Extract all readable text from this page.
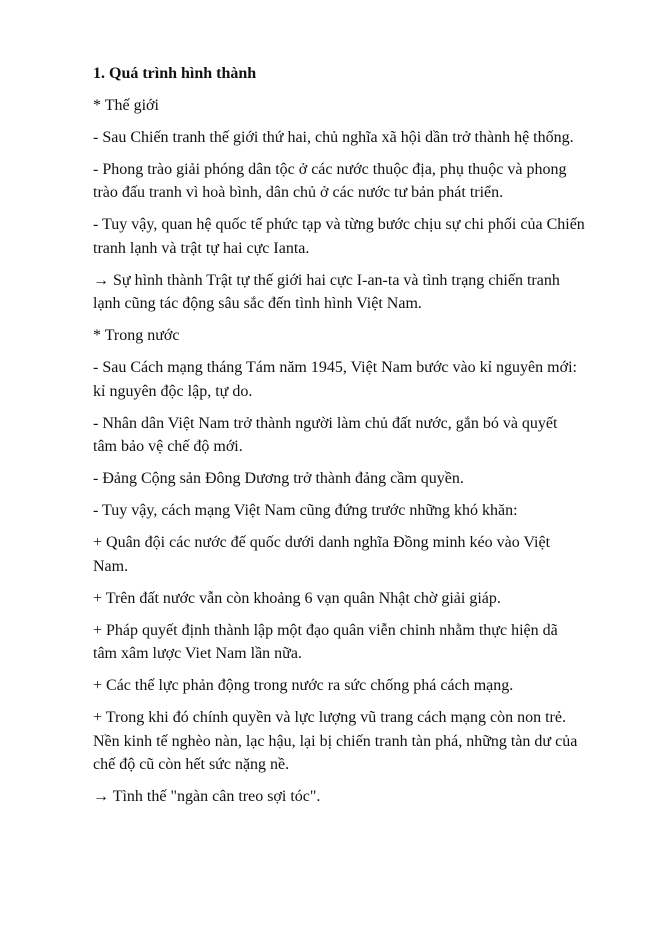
1. Quá trình hình thành
* Thế giới
- Sau Chiến tranh thế giới thứ hai, chủ nghĩa xã hội dần trở thành hệ thống.
- Phong trào giải phóng dân tộc ở các nước thuộc địa, phụ thuộc và phong trào đấu tranh vì hoà bình, dân chủ ở các nước tư bản phát triển.
- Tuy vậy, quan hệ quốc tế phức tạp và từng bước chịu sự chi phối của Chiến tranh lạnh và trật tự hai cực Ianta.
→ Sự hình thành Trật tự thế giới hai cực I-an-ta và tình trạng chiến tranh lạnh cũng tác động sâu sắc đến tình hình Việt Nam.
* Trong nước
- Sau Cách mạng tháng Tám năm 1945, Việt Nam bước vào kỉ nguyên mới: kỉ nguyên độc lập, tự do.
- Nhân dân Việt Nam trở thành người làm chủ đất nước, gắn bó và quyết tâm bảo vệ chế độ mới.
- Đảng Cộng sản Đông Dương trở thành đảng cầm quyền.
- Tuy vậy, cách mạng Việt Nam cũng đứng trước những khó khăn:
+ Quân đội các nước đế quốc dưới danh nghĩa Đồng minh kéo vào Việt Nam.
+ Trên đất nước vẫn còn khoảng 6 vạn quân Nhật chờ giải giáp.
+ Pháp quyết định thành lập một đạo quân viễn chinh nhằm thực hiện dã tâm xâm lược Viet Nam lần nữa.
+ Các thế lực phản động trong nước ra sức chống phá cách mạng.
+ Trong khi đó chính quyền và lực lượng vũ trang cách mạng còn non trẻ. Nền kinh tế nghèo nàn, lạc hậu, lại bị chiến tranh tàn phá, những tàn dư của chế độ cũ còn hết sức nặng nề.
→ Tình thế "ngàn cân treo sợi tóc".
